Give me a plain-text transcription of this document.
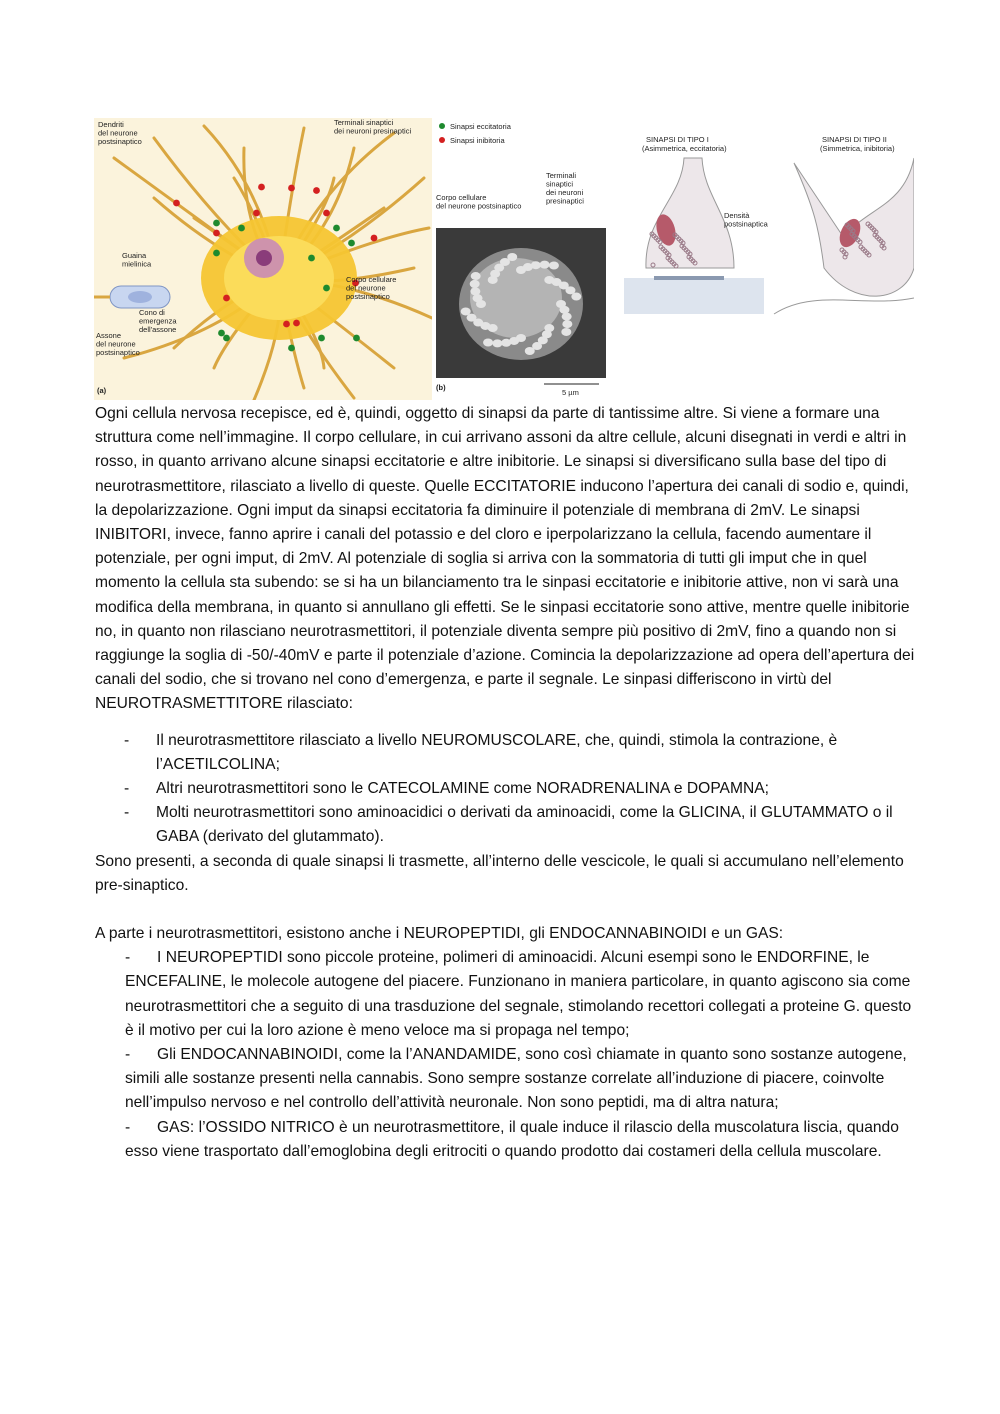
Dendriti del neurone postsinaptico
Terminali sinaptici dei neuroni presinaptici
Guaina mielinica
Cono di emergenza dell'assone
Assone del neurone postsinaptico
Corpo cellulare del neurone postsinaptico
(a)
Corpo cellulare del neurone postsinaptico
Terminali sinaptici dei neuroni presinaptici
5 µm
(b)
Sinapsi eccitatoria
Sinapsi inibitoria	SINAPSI DI TIPO I
(Asimmetrica, eccitatoria)
SINAPSI DI TIPO II
(Simmetrica, inibitoria)
Densità postsinaptica

Ogni cellula nervosa recepisce, ed è, quindi, oggetto di sinapsi da parte di tantissime altre. Si viene a formare una struttura come nell’immagine. Il corpo cellulare, in cui arrivano assoni da altre cellule, alcuni disegnati in verdi e altri in rosso, in quanto arrivano alcune sinapsi eccitatorie e altre inibitorie. Le sinapsi si diversificano sulla base del tipo di neurotrasmettitore, rilasciato a livello di queste. Quelle ECCITATORIE inducono l’apertura dei canali di sodio e, quindi, la depolarizzazione. Ogni imput da sinapsi eccitatoria fa diminuire il potenziale di membrana di 2mV. Le sinapsi INIBITORI, invece, fanno aprire i canali del potassio e del cloro e iperpolarizzano la cellula, facendo aumentare il potenziale, per ogni imput, di 2mV. Al potenziale di soglia si arriva con la sommatoria di tutti gli imput che in quel momento la cellula sta subendo: se si ha un bilanciamento tra le sinpasi eccitatorie e inibitorie attive, non vi sarà una modifica della membrana, in quanto si annullano gli effetti. Se le sinpasi eccitatorie sono attive, mentre quelle inibitorie no, in quanto non rilasciano neurotrasmettitori, il potenziale diventa sempre più positivo di 2mV, fino a quando non si raggiunge la soglia di -50/-40mV e parte il potenziale d’azione. Comincia la depolarizzazione ad opera dell’apertura dei canali del sodio, che si trovano nel cono d’emergenza, e parte il segnale. Le sinpasi differiscono in virtù del NEUROTRASMETTITORE rilasciato:

- Il neurotrasmettitore rilasciato a livello NEUROMUSCOLARE, che, quindi, stimola la contrazione, è l’ACETILCOLINA;
- Altri neurotrasmettitori sono le CATECOLAMINE come NORADRENALINA e DOPAMNA;
- Molti neurotrasmettitori sono aminoacidici o derivati da aminoacidi, come la GLICINA, il GLUTAMMATO o il GABA (derivato del glutammato).

Sono presenti, a seconda di quale sinapsi li trasmette, all’interno delle vescicole, le quali si accumulano nell’elemento pre-sinaptico.

A parte i neurotrasmettitori, esistono anche i NEUROPEPTIDI, gli ENDOCANNABINOIDI e un GAS:

- I NEUROPEPTIDI sono piccole proteine, polimeri di aminoacidi. Alcuni esempi sono le ENDORFINE, le ENCEFALINE, le molecole autogene del piacere. Funzionano in maniera particolare, in quanto agiscono sia come neurotrasmettitori che a seguito di una trasduzione del segnale, stimolando recettori collegati a proteine G. questo è il motivo per cui la loro azione è meno veloce ma si propaga nel tempo;
- Gli ENDOCANNABINOIDI, come la l’ANANDAMIDE, sono così chiamate in quanto sono sostanze autogene, simili alle sostanze presenti nella cannabis. Sono sempre sostanze correlate all’induzione di piacere, coinvolte nell’impulso nervoso e nel controllo dell’attività neuronale. Non sono peptidi, ma di altra natura;
- GAS: l’OSSIDO NITRICO è un neurotrasmettitore, il quale induce il rilascio della muscolatura liscia, quando esso viene trasportato dall’emoglobina degli eritrociti o quando prodotto dai costameri della cellula muscolare.
